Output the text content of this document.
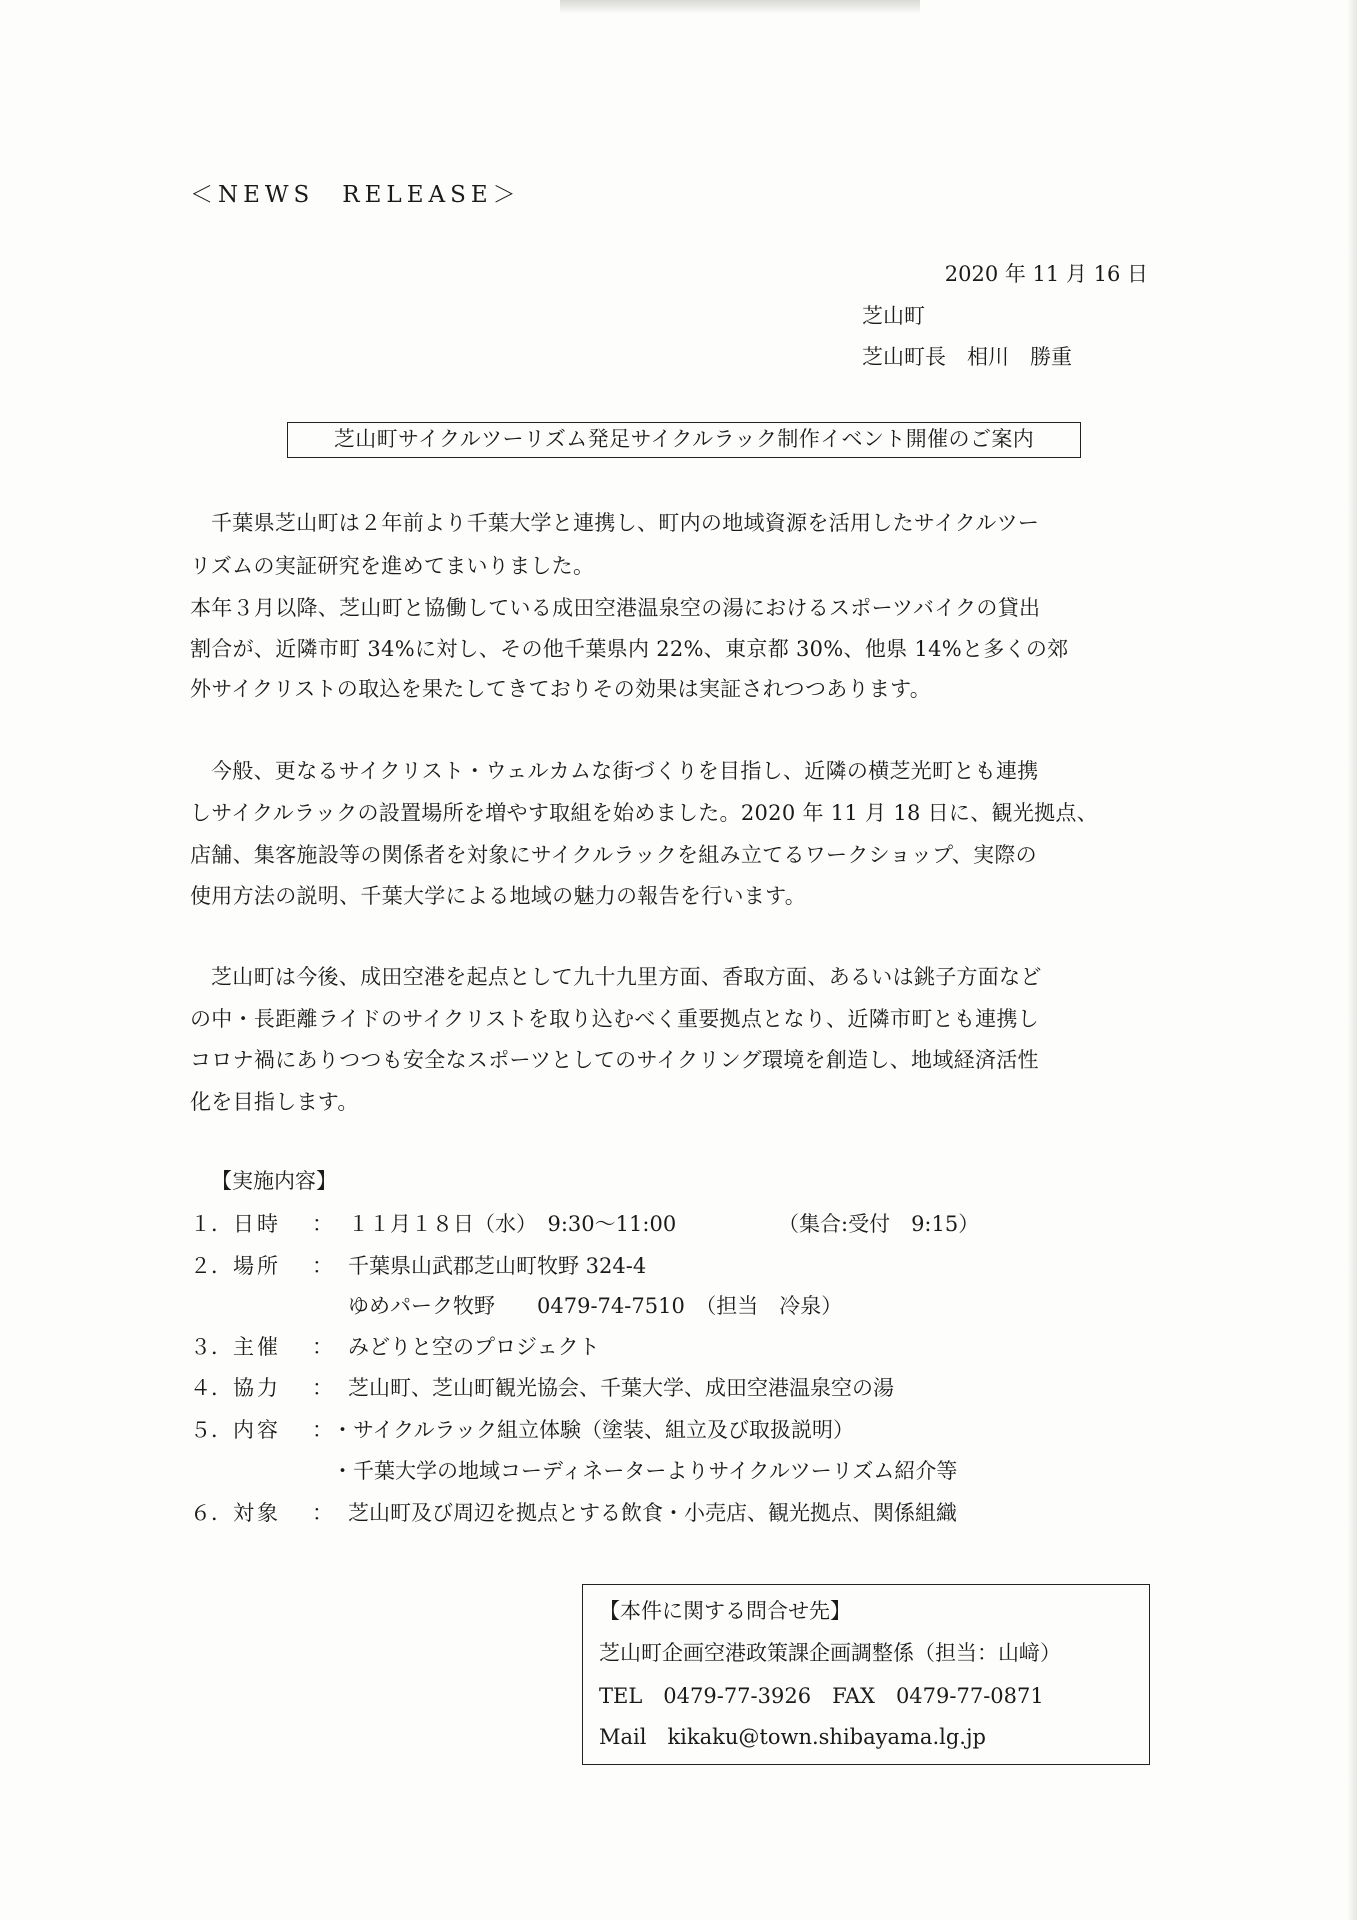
＜NEWS　RELEASE＞
2020 年 11 月 16 日
芝山町
芝山町長　相川　勝重
芝山町サイクルツーリズム発足サイクルラック制作イベント開催のご案内
千葉県芝山町は２年前より千葉大学と連携し、町内の地域資源を活用したサイクルツー
リズムの実証研究を進めてまいりました。
本年３月以降、芝山町と協働している成田空港温泉空の湯におけるスポーツバイクの貸出
割合が、近隣市町 34%に対し、その他千葉県内 22%、東京都 30%、他県 14%と多くの郊
外サイクリストの取込を果たしてきておりその効果は実証されつつあります。
今般、更なるサイクリスト・ウェルカムな街づくりを目指し、近隣の横芝光町とも連携
しサイクルラックの設置場所を増やす取組を始めました。2020 年 11 月 18 日に、観光拠点、
店舗、集客施設等の関係者を対象にサイクルラックを組み立てるワークショップ、実際の
使用方法の説明、千葉大学による地域の魅力の報告を行います。
芝山町は今後、成田空港を起点として九十九里方面、香取方面、あるいは銚子方面など
の中・長距離ライドのサイクリストを取り込むべく重要拠点となり、近隣市町とも連携し
コロナ禍にありつつも安全なスポーツとしてのサイクリング環境を創造し、地域経済活性
化を目指します。
【実施内容】
１． 日時 ： １１月１８日（水）　9:30～11:00	（集合:受付　9:15）
２． 場所 ： 千葉県山武郡芝山町牧野 324-4
ゆめパーク牧野　　0479-74-7510　（担当　冷泉）
３． 主催 ： みどりと空のプロジェクト
４． 協力 ： 芝山町、芝山町観光協会、千葉大学、成田空港温泉空の湯
５． 内容 ： ・サイクルラック組立体験（塗装、組立及び取扱説明）
・千葉大学の地域コーディネーターよりサイクルツーリズム紹介等
６． 対象 ： 芝山町及び周辺を拠点とする飲食・小売店、観光拠点、関係組織
【本件に関する問合せ先】
芝山町企画空港政策課企画調整係（担当：山﨑）
TEL　0479-77-3926　FAX　0479-77-0871
Mail　kikaku@town.shibayama.lg.jp
